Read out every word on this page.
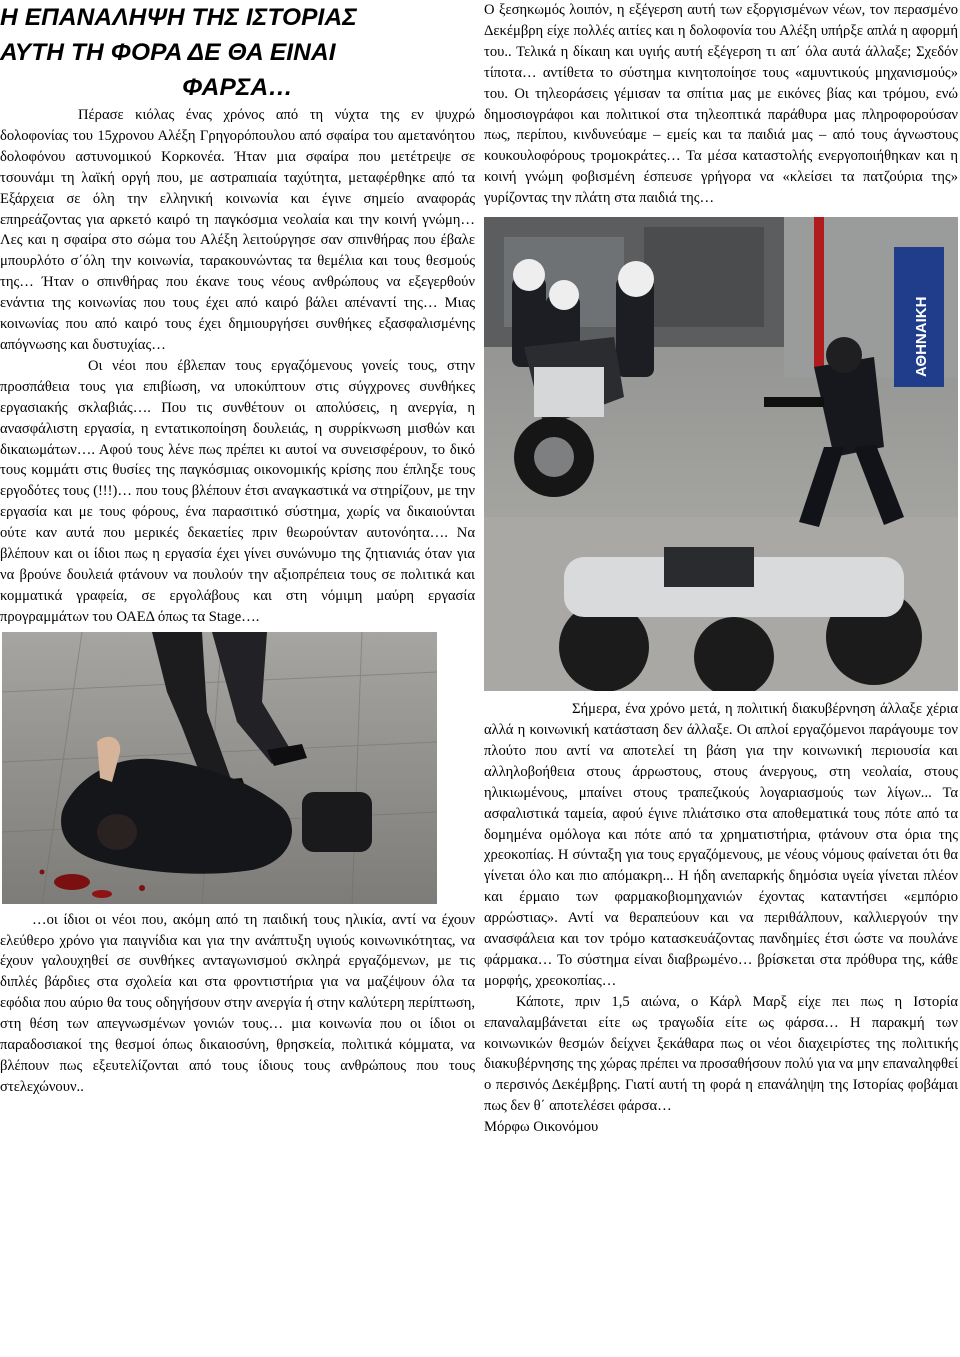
Η ΕΠΑΝΑΛΗΨΗ ΤΗΣ ΙΣΤΟΡΙΑΣ
ΑΥΤΗ ΤΗ ΦΟΡΑ ΔΕ ΘΑ ΕΙΝΑΙ
ΦΑΡΣΑ…

Πέρασε κιόλας ένας χρόνος από τη νύχτα της εν ψυχρώ δολοφονίας του 15χρονου Αλέξη Γρηγορόπουλου από σφαίρα του αμετανόητου δολοφόνου αστυνομικού Κορκονέα. Ήταν μια σφαίρα που μετέτρεψε σε τσουνάμι τη λαϊκή οργή που, με αστραπιαία ταχύτητα, μεταφέρθηκε από τα Εξάρχεια σε όλη την ελληνική κοινωνία και έγινε σημείο αναφοράς επηρεάζοντας για αρκετό καιρό τη παγκόσμια νεολαία και την κοινή γνώμη… Λες και η σφαίρα στο σώμα του Αλέξη λειτούργησε σαν σπινθήρας που έβαλε μπουρλότο σ΄όλη την κοινωνία, ταρακουνώντας τα θεμέλια και τους θεσμούς της… Ήταν ο σπινθήρας που έκανε τους νέους ανθρώπους να εξεγερθούν ενάντια της κοινωνίας που τους έχει από καιρό βάλει απέναντί της… Μιας κοινωνίας που από καιρό τους έχει δημιουργήσει συνθήκες εξασφαλισμένης απόγνωσης και δυστυχίας…

Οι νέοι που έβλεπαν τους εργαζόμενους γονείς τους, στην προσπάθεια τους για επιβίωση, να υποκύπτουν στις σύγχρονες συνθήκες εργασιακής σκλαβιάς…. Που τις συνθέτουν οι απολύσεις, η ανεργία, η ανασφάλιστη εργασία, η εντατικοποίηση δουλειάς, η συρρίκνωση μισθών και δικαιωμάτων…. Αφού τους λένε πως πρέπει κι αυτοί να συνεισφέρουν, το δικό τους κομμάτι στις θυσίες της παγκόσμιας οικονομικής κρίσης που έπληξε τους εργοδότες τους (!!!)… που τους βλέπουν έτσι αναγκαστικά να στηρίζουν, με την εργασία και με τους φόρους, ένα παρασιτικό σύστημα, χωρίς να δικαιούνται ούτε καν αυτά που μερικές δεκαετίες πριν θεωρούνταν αυτονόητα…. Να βλέπουν και οι ίδιοι πως η εργασία έχει γίνει συνώνυμο της ζητιανιάς όταν για να βρούνε δουλειά φτάνουν να πουλούν την αξιοπρέπεια τους σε πολιτικά και κομματικά γραφεία, σε εργολάβους και στη νόμιμη μαύρη εργασία προγραμμάτων του ΟΑΕΔ όπως τα Stage….

…οι ίδιοι οι νέοι που, ακόμη από τη παιδική τους ηλικία, αντί να έχουν ελεύθερο χρόνο για παιγνίδια και για την ανάπτυξη υγιούς κοινωνικότητας, να έχουν γαλουχηθεί σε συνθήκες ανταγωνισμού σκληρά εργαζόμενων, με τις διπλές βάρδιες στα σχολεία και στα φροντιστήρια για να μαζέψουν όλα τα εφόδια που αύριο θα τους οδηγήσουν στην ανεργία ή στην καλύτερη περίπτωση, στη θέση των απεγνωσμένων γονιών τους… μια κοινωνία που οι ίδιοι οι παραδοσιακοί της θεσμοί όπως δικαιοσύνη, θρησκεία, πολιτικά κόμματα, να βλέπουν πως εξευτελίζονται από τους ίδιους τους ανθρώπους που τους στελεχώνουν..

Ο ξεσηκωμός λοιπόν, η εξέγερση αυτή των εξοργισμένων νέων, τον περασμένο Δεκέμβρη είχε πολλές αιτίες και η δολοφονία του Αλέξη υπήρξε απλά η αφορμή του.. Τελικά η δίκαιη και υγιής αυτή εξέγερση τι απ΄ όλα αυτά άλλαξε; Σχεδόν τίποτα… αντίθετα το σύστημα κινητοποίησε τους «αμυντικούς μηχανισμούς» του. Οι τηλεοράσεις γέμισαν τα σπίτια μας με εικόνες βίας και τρόμου, ενώ δημοσιογράφοι και πολιτικοί στα τηλεοπτικά παράθυρα μας πληροφορούσαν πως, περίπου, κινδυνεύαμε – εμείς και τα παιδιά μας – από τους άγνωστους κουκουλοφόρους τρομοκράτες… Τα μέσα καταστολής ενεργοποιήθηκαν και η κοινή γνώμη φοβισμένη έσπευσε γρήγορα να «κλείσει τα πατζούρια της» γυρίζοντας την πλάτη στα παιδιά της…

ΑΘΗΝΑΙΚΗ

Σήμερα, ένα χρόνο μετά, η πολιτική διακυβέρνηση άλλαξε χέρια αλλά η κοινωνική κατάσταση δεν άλλαξε. Οι απλοί εργαζόμενοι παράγουμε τον πλούτο που αντί να αποτελεί τη βάση για την κοινωνική περιουσία και αλληλοβοήθεια στους άρρωστους, στους άνεργους, στη νεολαία, στους ηλικιωμένους, μπαίνει στους τραπεζικούς λογαριασμούς των λίγων... Τα ασφαλιστικά ταμεία, αφού έγινε πλιάτσικο στα αποθεματικά τους πότε από τα δομημένα ομόλογα και πότε από τα χρηματιστήρια, φτάνουν στα όρια της χρεοκοπίας. Η σύνταξη για τους εργαζόμενους, με νέους νόμους φαίνεται ότι θα γίνεται όλο και πιο απόμακρη... Η ήδη ανεπαρκής δημόσια υγεία γίνεται πλέον και έρμαιο των φαρμακοβιομηχανιών έχοντας καταντήσει «εμπόριο αρρώστιας». Αντί να θεραπεύουν και να περιθάλπουν, καλλιεργούν την ανασφάλεια και τον τρόμο κατασκευάζοντας πανδημίες έτσι ώστε να πουλάνε φάρμακα… Το σύστημα είναι διαβρωμένο… βρίσκεται στα πρόθυρα της, κάθε μορφής, χρεοκοπίας…

Κάποτε, πριν 1,5 αιώνα, ο Κάρλ Μαρξ είχε πει πως η Ιστορία επαναλαμβάνεται είτε ως τραγωδία είτε ως φάρσα… Η παρακμή των κοινωνικών θεσμών δείχνει ξεκάθαρα πως οι νέοι διαχειρίστες της πολιτικής διακυβέρνησης της χώρας πρέπει να προσαθήσουν πολύ για να μην επαναληφθεί ο περσινός Δεκέμβρης. Γιατί αυτή τη φορά η επανάληψη της Ιστορίας φοβάμαι πως δεν θ΄ αποτελέσει φάρσα…

Μόρφω Οικονόμου
